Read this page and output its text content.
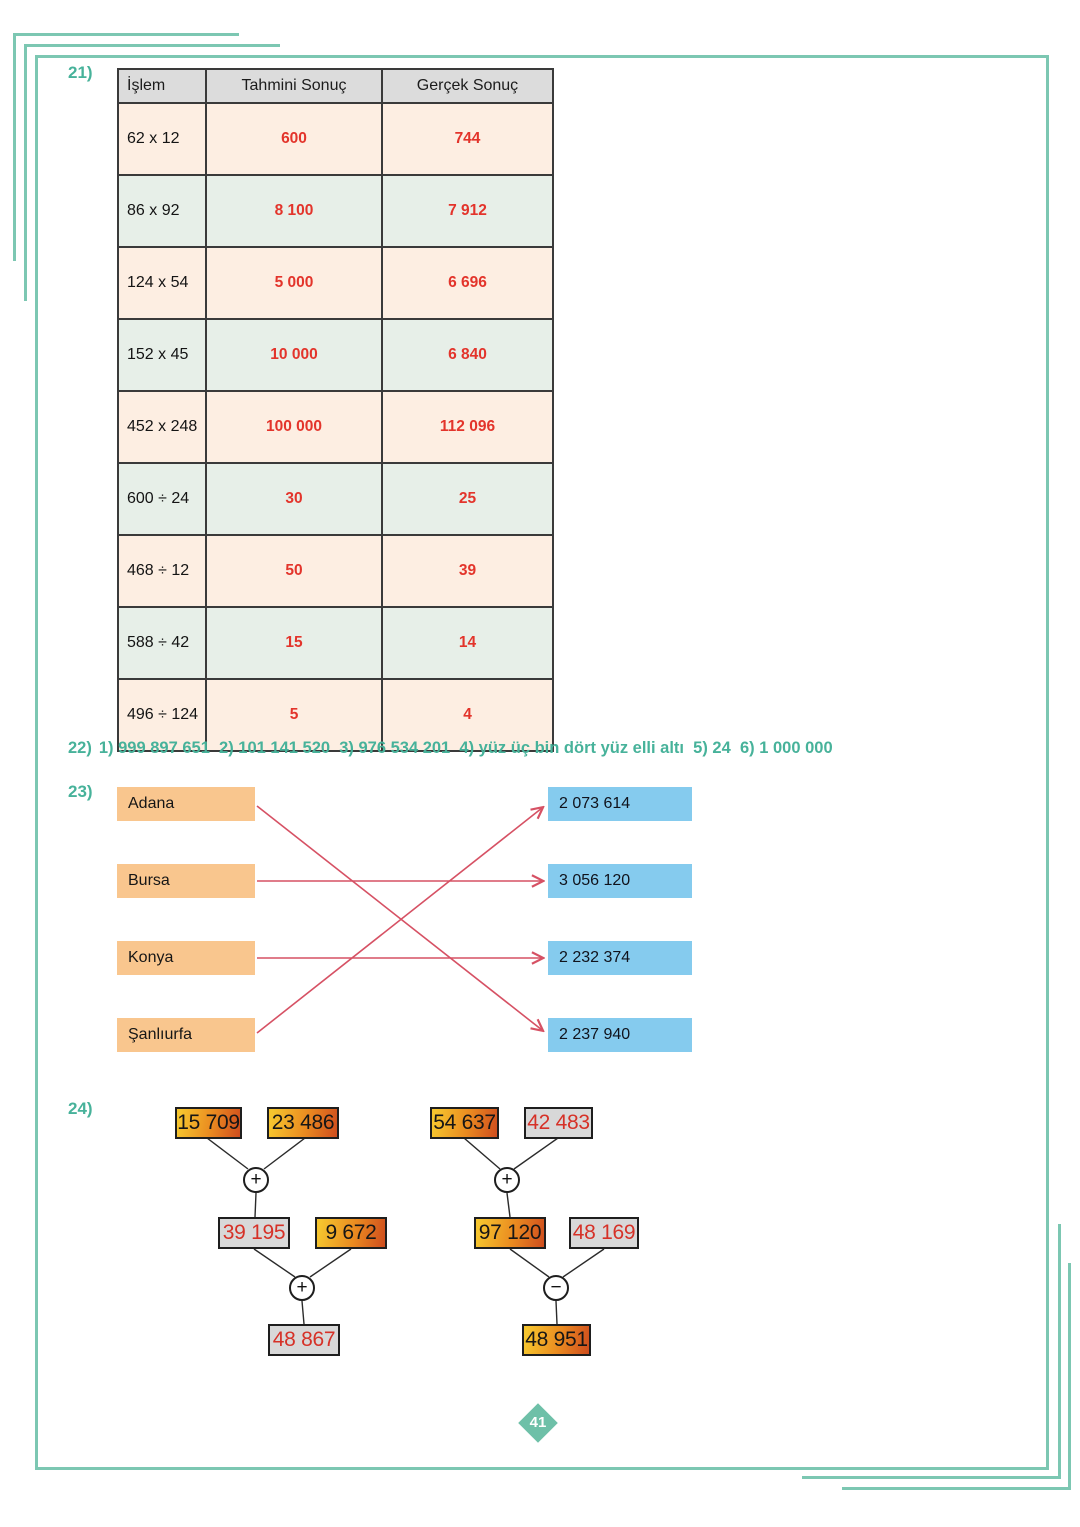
21)
İşlem	Tahmini Sonuç	Gerçek Sonuç
62 x 12	600	744
86 x 92	8 100	7 912
124 x 54	5 000	6 696
152 x 45	10 000	6 840
452 x 248	100 000	112 096
600 ÷ 24	30	25
468 ÷ 12	50	39
588 ÷ 42	15	14
496 ÷ 124	5	4
22) 1) 999 897 651  2) 101 141 520  3) 976 534 201  4) yüz üç bin dört yüz elli altı  5) 24  6) 1 000 000
23)
Adana
Bursa
Konya
Şanlıurfa
2 073 614
3 056 120
2 232 374
2 237 940
24)
15 709 23 486
+
39 195	9 672
+
48 867
54 637 42 483
+
97 120 48 169
−
48 951
41
